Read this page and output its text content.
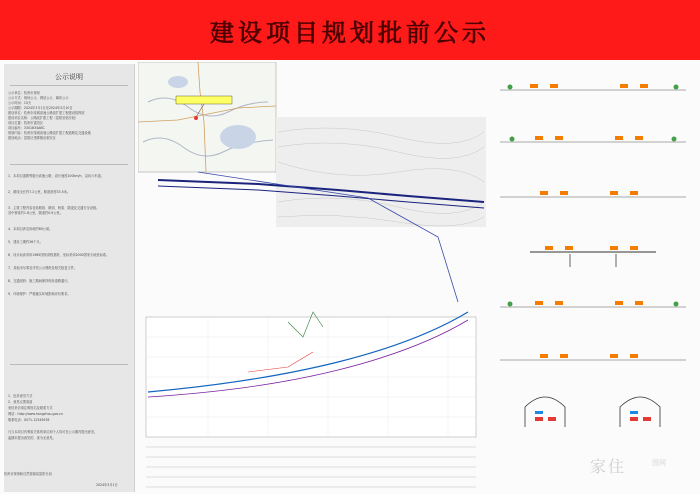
建设项目规划批前公示
公示说明
公示单位：杭州市规划
公示方式：现场公示、网站公示、媒体公示
公示时间：10天
公示期限：2024年3月1日至2024年3月10日
建设单位：杭州市绕城高速公路改扩建工程建设指挥部
建设项目名称：公路改扩建工程（富阳至临安段）
项目位置：杭州市富阳区
项目编号：3301834ABC
规划内容：杭州市绕城高速公路改扩建工程道路及交通设施
建设地点：富阳区受降镇至临安区
1、本项目道路等级为高速公路，设计速度100km/h，双向六车道。
2、路线全长约7.2公里，路基宽度33.5米。
3、主要工程内容包括路基、路面、桥梁、隧道及交通安全设施。
其中桥梁约1.8公里，隧道约0.9公里。
4、本项目涉及用地约60公顷。
5、建设工期约36个月。
6、设计标高采用1985国家高程基准，坐标采用2000国家大地坐标系。
7、其他未尽事宜详见公示图纸及相关批复文件。
8、交通组织：施工期间保持现有道路通行。
9、环境保护：严格落实环境影响评价要求。
1、征求意见方式
2、意见反馈渠道
来信来访请注明姓名及联系方式
网站：http://www.hangzhou.gov.cn
联系电话：0571-12345678
凡与本项目有利害关系的单位和个人均可在公示期内提出意见。
逾期未提出意见的，视为无意见。
杭州市规划和自然资源局富阳分局
2024年3月1日
家住	图网
